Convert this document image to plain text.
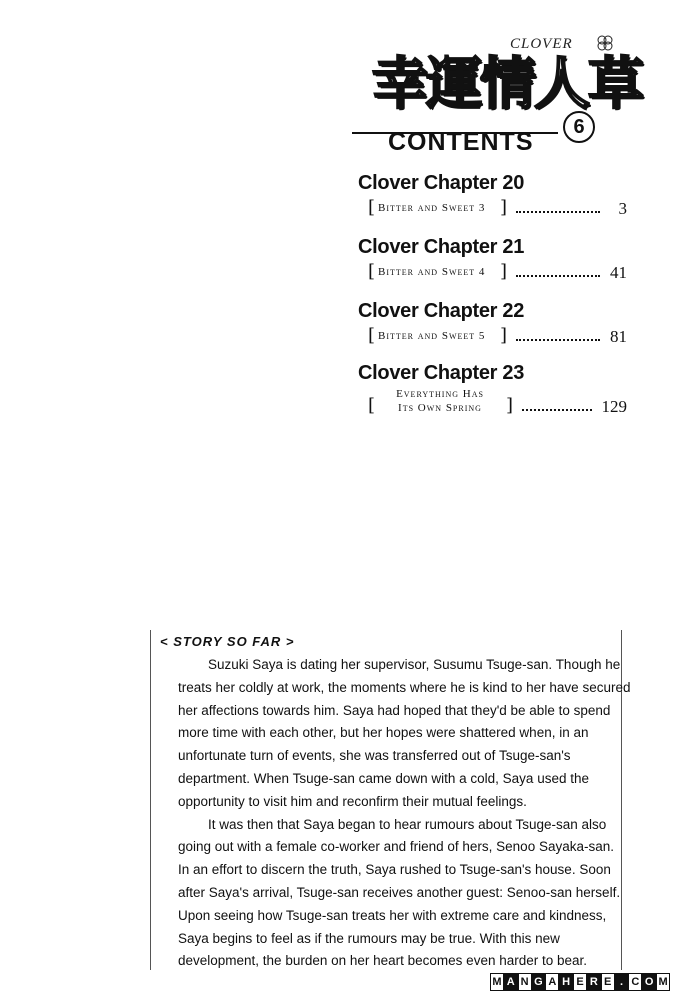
幸運情人草
CLOVER
CONTENTS
6
Clover Chapter 20
[ Bitter and Sweet 3 ]	3
Clover Chapter 21
[ Bitter and Sweet 4 ]	41
Clover Chapter 22
[ Bitter and Sweet 5 ]	81
Clover Chapter 23
[
Everything Has
Its Own Spring	]	129
< STORY SO FAR >

Suzuki Saya is dating her supervisor, Susumu Tsuge-san. Though he
treats her coldly at work, the moments where he is kind to her have secured
her affections towards him. Saya had hoped that they'd be able to spend
more time with each other, but her hopes were shattered when, in an
unfortunate turn of events, she was transferred out of Tsuge-san's
department. When Tsuge-san came down with a cold, Saya used the
opportunity to visit him and reconfirm their mutual feelings.

It was then that Saya began to hear rumours about Tsuge-san also
going out with a female co-worker and friend of hers, Senoo Sayaka-san.
In an effort to discern the truth, Saya rushed to Tsuge-san's house. Soon
after Saya's arrival, Tsuge-san receives another guest: Senoo-san herself.
Upon seeing how Tsuge-san treats her with extreme care and kindness,
Saya begins to feel as if the rumours may be true. With this new
development, the burden on her heart becomes even harder to bear.

M A N G A H E R E . C O M
